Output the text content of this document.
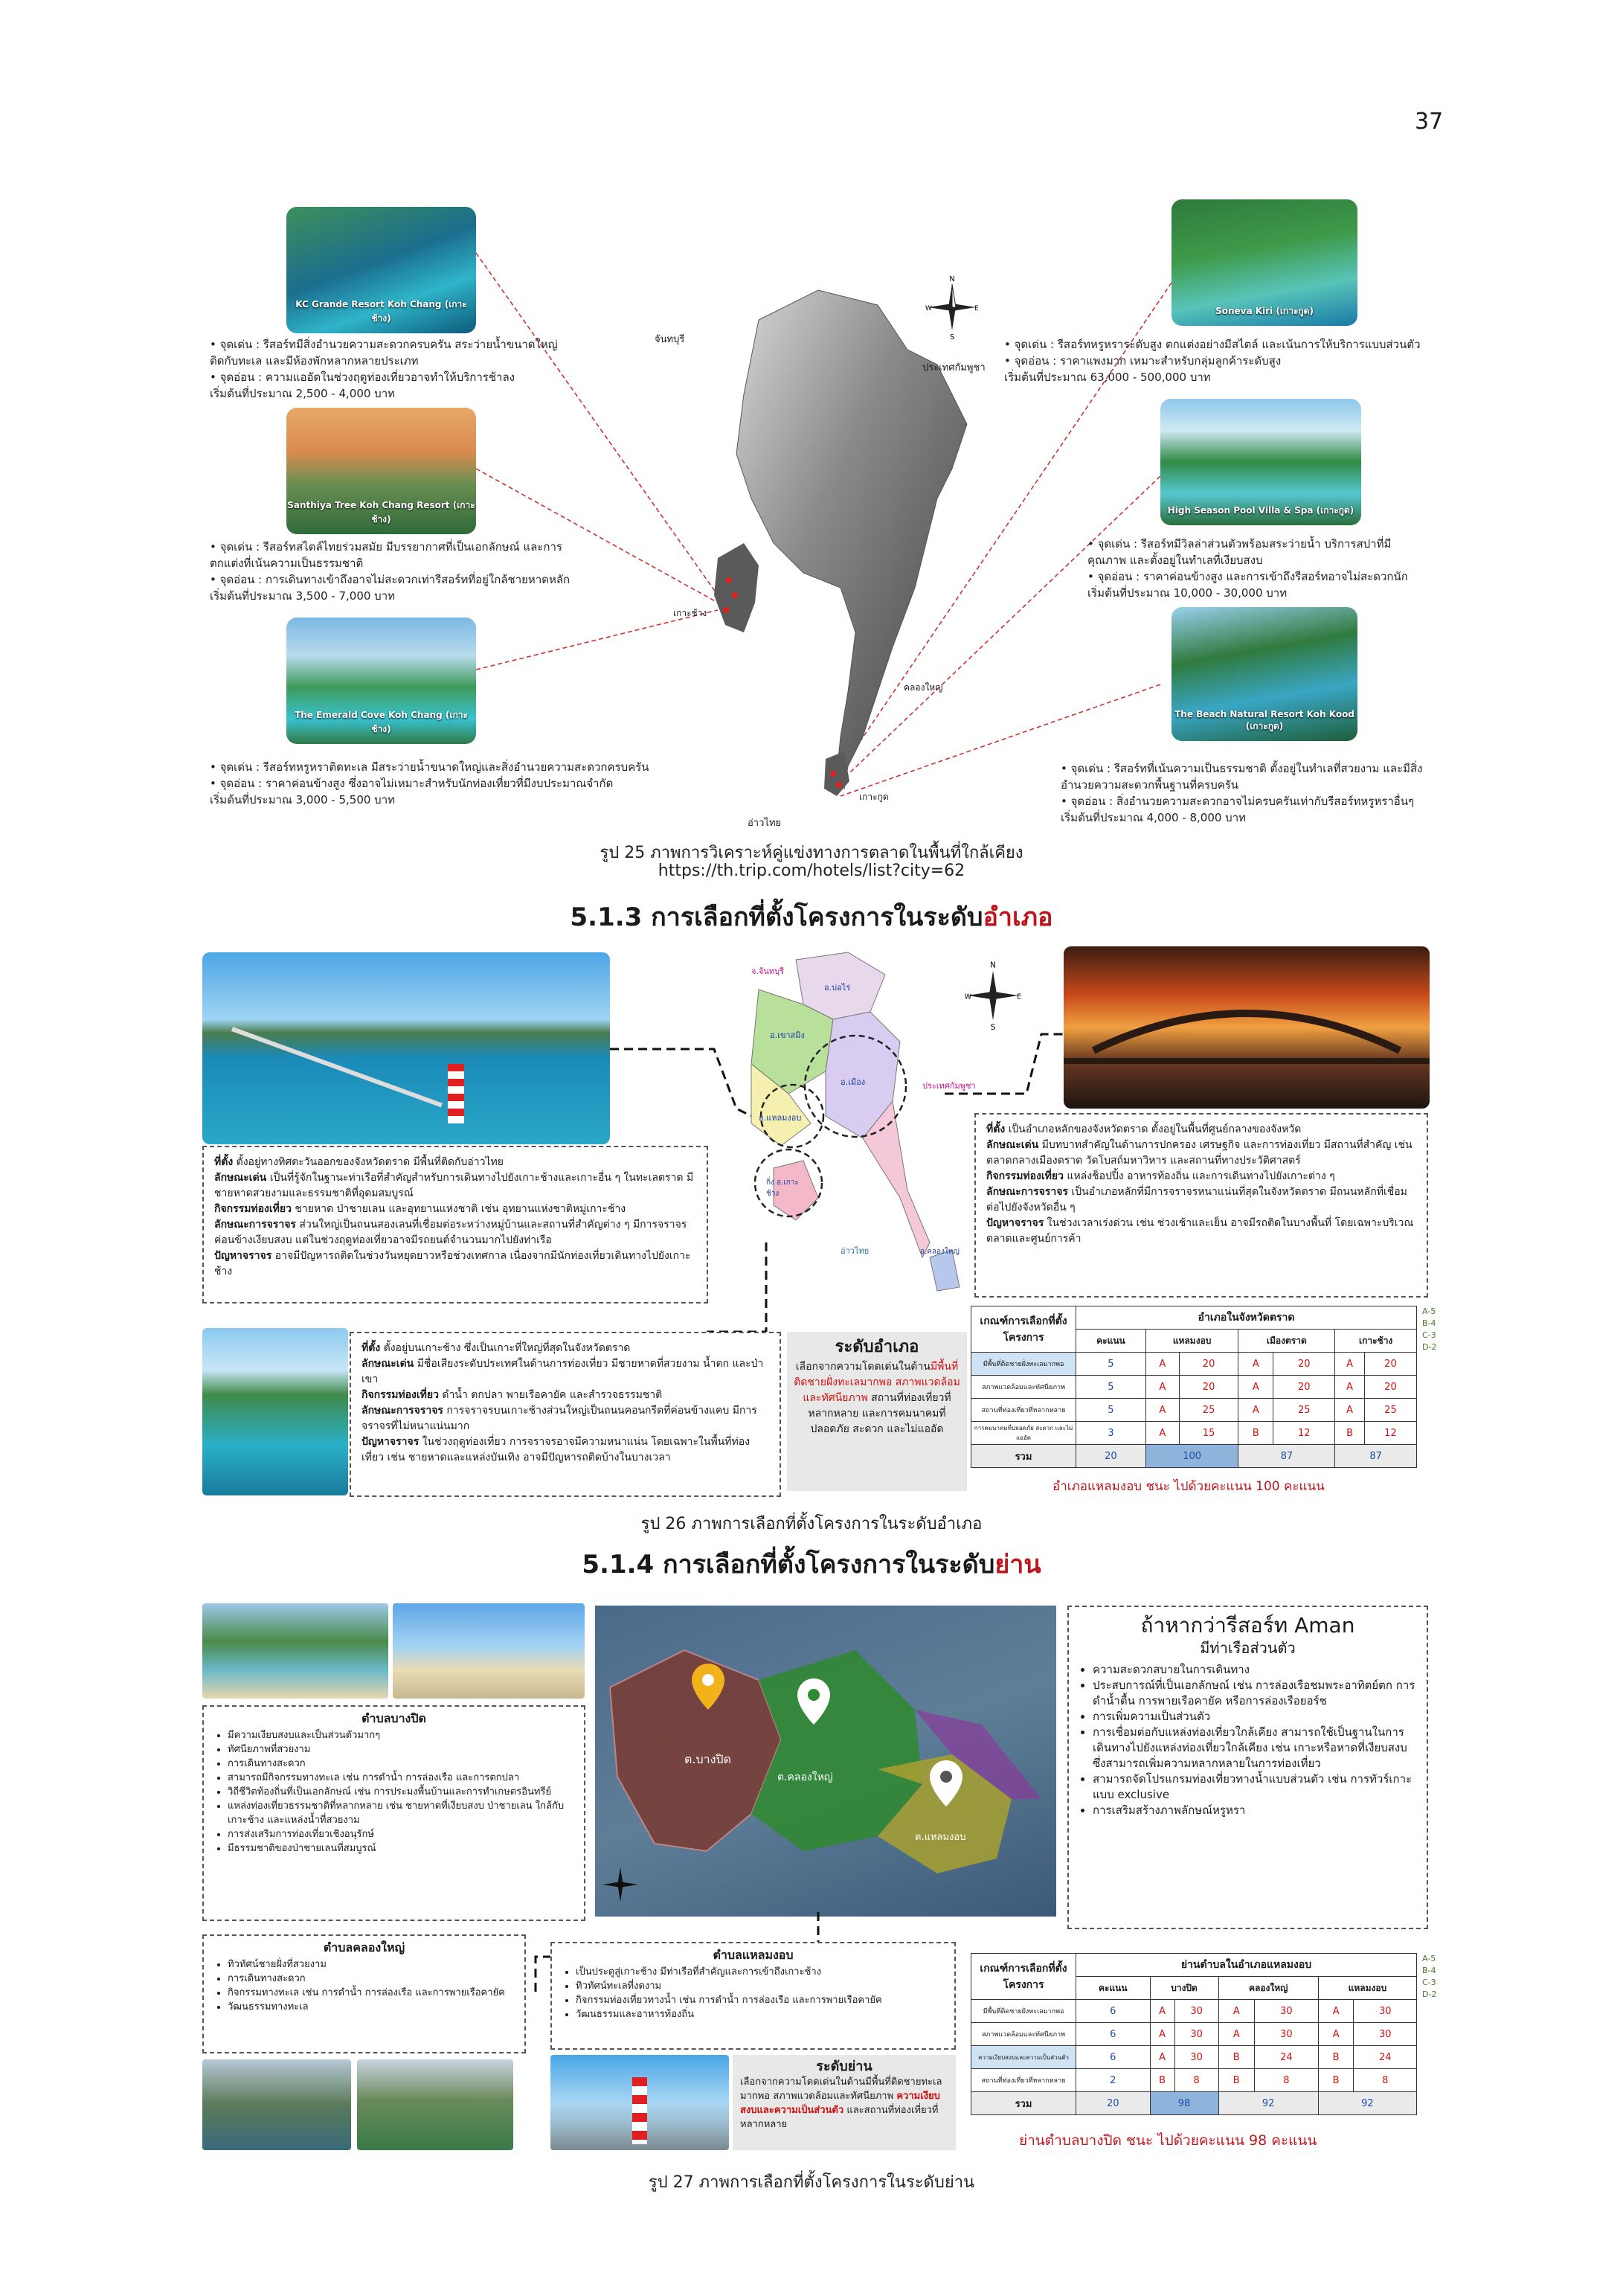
37
KC Grande Resort Koh Chang (เกาะช้าง)

• จุดเด่น : รีสอร์ทมีสิ่งอำนวยความสะดวกครบครัน สระว่ายน้ำขนาดใหญ่

ติดกับทะเล และมีห้องพักหลากหลายประเภท

• จุดอ่อน : ความแออัดในช่วงฤดูท่องเที่ยวอาจทำให้บริการช้าลง

เริ่มต้นที่ประมาณ 2,500 - 4,000 บาท

Santhiya Tree Koh Chang Resort (เกาะช้าง)

• จุดเด่น : รีสอร์ทสไตล์ไทยร่วมสมัย มีบรรยากาศที่เป็นเอกลักษณ์ และการ

ตกแต่งที่เน้นความเป็นธรรมชาติ

• จุดอ่อน : การเดินทางเข้าถึงอาจไม่สะดวกเท่ารีสอร์ทที่อยู่ใกล้ชายหาดหลัก

เริ่มต้นที่ประมาณ 3,500 - 7,000 บาท

The Emerald Cove Koh Chang (เกาะช้าง)

• จุดเด่น : รีสอร์ทหรูหราติดทะเล มีสระว่ายน้ำขนาดใหญ่และสิ่งอำนวยความสะดวกครบครัน

• จุดอ่อน : ราคาค่อนข้างสูง ซึ่งอาจไม่เหมาะสำหรับนักท่องเที่ยวที่มีงบประมาณจำกัด

เริ่มต้นที่ประมาณ 3,000 - 5,500 บาท

จันทบุรี
ประเทศกัมพูชา
เกาะช้าง
คลองใหญ่
เกาะกูด
อ่าวไทย
N
W	E
S
Soneva Kiri (เกาะกูด)

• จุดเด่น : รีสอร์ทหรูหราระดับสูง ตกแต่งอย่างมีสไตล์ และเน้นการให้บริการแบบส่วนตัว

• จุดอ่อน : ราคาแพงมาก เหมาะสำหรับกลุ่มลูกค้าระดับสูง

เริ่มต้นที่ประมาณ 63,000 - 500,000 บาท

High Season Pool Villa & Spa (เกาะกูด)

• จุดเด่น : รีสอร์ทมีวิลล่าส่วนตัวพร้อมสระว่ายน้ำ บริการสปาที่มี

คุณภาพ และตั้งอยู่ในทำเลที่เงียบสงบ

• จุดอ่อน : ราคาค่อนข้างสูง และการเข้าถึงรีสอร์ทอาจไม่สะดวกนัก

เริ่มต้นที่ประมาณ 10,000 - 30,000 บาท

The Beach Natural Resort Koh Kood (เกาะกูด)

• จุดเด่น : รีสอร์ทที่เน้นความเป็นธรรมชาติ ตั้งอยู่ในทำเลที่สวยงาม และมีสิ่ง

อำนวยความสะดวกพื้นฐานที่ครบครัน

• จุดอ่อน : สิ่งอำนวยความสะดวกอาจไม่ครบครันเท่ากับรีสอร์ทหรูหราอื่นๆ

เริ่มต้นที่ประมาณ 4,000 - 8,000 บาท

รูป 25 ภาพการวิเคราะห์คู่แข่งทางการตลาดในพื้นที่ใกล้เคียง
https://th.trip.com/hotels/list?city=62
5.1.3 การเลือกที่ตั้งโครงการในระดับอำเภอ
จ.จันทบุรี
อ.บ่อไร่
อ.เขาสมิง
อ.เมือง
อ.แหลมงอบ
กิ่ง อ.เกาะช้าง
อ.คลองใหญ่
อ่าวไทย
ประเทศกัมพูชา
N
W	E
S

ที่ตั้ง ตั้งอยู่ทางทิศตะวันออกของจังหวัดตราด มีพื้นที่ติดกับอ่าวไทย

ลักษณะเด่น เป็นที่รู้จักในฐานะท่าเรือที่สำคัญสำหรับการเดินทางไปยังเกาะช้างและเกาะอื่น ๆ ในทะเลตราด มีชายหาดสวยงามและธรรมชาติที่อุดมสมบูรณ์

กิจกรรมท่องเที่ยว ชายหาด ป่าชายเลน และอุทยานแห่งชาติ เช่น อุทยานแห่งชาติหมู่เกาะช้าง

ลักษณะการจราจร ส่วนใหญ่เป็นถนนสองเลนที่เชื่อมต่อระหว่างหมู่บ้านและสถานที่สำคัญต่าง ๆ มีการจราจรค่อนข้างเงียบสงบ แต่ในช่วงฤดูท่องเที่ยวอาจมีรถยนต์จำนวนมากไปยังท่าเรือ

ปัญหาจราจร อาจมีปัญหารถติดในช่วงวันหยุดยาวหรือช่วงเทศกาล เนื่องจากมีนักท่องเที่ยวเดินทางไปยังเกาะช้าง

ที่ตั้ง เป็นอำเภอหลักของจังหวัดตราด ตั้งอยู่ในพื้นที่ศูนย์กลางของจังหวัด

ลักษณะเด่น มีบทบาทสำคัญในด้านการปกครอง เศรษฐกิจ และการท่องเที่ยว มีสถานที่สำคัญ เช่น ตลาดกลางเมืองตราด วัดโบสถ์มหาวิหาร และสถานที่ทางประวัติศาสตร์

กิจกรรมท่องเที่ยว แหล่งช็อปปิ้ง อาหารท้องถิ่น และการเดินทางไปยังเกาะต่าง ๆ

ลักษณะการจราจร เป็นอำเภอหลักที่มีการจราจรหนาแน่นที่สุดในจังหวัดตราด มีถนนหลักที่เชื่อมต่อไปยังจังหวัดอื่น ๆ

ปัญหาจราจร ในช่วงเวลาเร่งด่วน เช่น ช่วงเช้าและเย็น อาจมีรถติดในบางพื้นที่ โดยเฉพาะบริเวณตลาดและศูนย์การค้า

ที่ตั้ง ตั้งอยู่บนเกาะช้าง ซึ่งเป็นเกาะที่ใหญ่ที่สุดในจังหวัดตราด

ลักษณะเด่น มีชื่อเสียงระดับประเทศในด้านการท่องเที่ยว มีชายหาดที่สวยงาม น้ำตก และป่าเขา

กิจกรรมท่องเที่ยว ดำน้ำ ตกปลา พายเรือคายัค และสำรวจธรรมชาติ

ลักษณะการจราจร การจราจรบนเกาะช้างส่วนใหญ่เป็นถนนคอนกรีตที่ค่อนข้างแคบ มีการจราจรที่ไม่หนาแน่นมาก

ปัญหาจราจร ในช่วงฤดูท่องเที่ยว การจราจรอาจมีความหนาแน่น โดยเฉพาะในพื้นที่ท่องเที่ยว เช่น ชายหาดและแหล่งบันเทิง อาจมีปัญหารถติดบ้างในบางเวลา

ระดับอำเภอ
เลือกจากความโดดเด่นในด้านมีพื้นที่ติดชายฝั่งทะเลมากพอ สภาพแวดล้อมและทัศนียภาพ สถานที่ท่องเที่ยวที่หลากหลาย และการคมนาคมที่ปลอดภัย สะดวก และไม่แออัด
เกณฑ์การเลือกที่ตั้งโครงการ	อำเภอในจังหวัดตราด						
	คะแนน	แหลมงอบ		เมืองตราด		เกาะช้าง	
มีพื้นที่ติดชายฝั่งทะเลมากพอ	5	A	20	A	20	A	20
สภาพแวดล้อมและทัศนียภาพ	5	A	20	A	20	A	20
สถานที่ท่องเที่ยวที่หลากหลาย	5	A	25	A	25	A	25
การคมนาคมที่ปลอดภัย สะดวก และไม่แออัด	3	A	15	B	12	B	12
รวม	20	100		87		87	
A-5
B-4
C-3
D-2
อำเภอแหลมงอบ ชนะ ไปด้วยคะแนน 100 คะแนน
รูป 26 ภาพการเลือกที่ตั้งโครงการในระดับอำเภอ
5.1.4 การเลือกที่ตั้งโครงการในระดับย่าน
ตำบลบางปิด
• มีความเงียบสงบและเป็นส่วนตัวมากๆ
• ทัศนียภาพที่สวยงาม
• การเดินทางสะดวก
• สามารถมีกิจกรรมทางทะเล เช่น การดำน้ำ การล่องเรือ และการตกปลา
• วิถีชีวิตท้องถิ่นที่เป็นเอกลักษณ์ เช่น การประมงพื้นบ้านและการทำเกษตรอินทรีย์
• แหล่งท่องเที่ยวธรรมชาติที่หลากหลาย เช่น ชายหาดที่เงียบสงบ ป่าชายเลน ใกล้กับเกาะช้าง และแหล่งน้ำที่สวยงาม
• การส่งเสริมการท่องเที่ยวเชิงอนุรักษ์
• มีธรรมชาติของป่าชายเลนที่สมบูรณ์
ต.บางปิด
ต.คลองใหญ่
ต.แหลมงอบ
ถ้าหากว่ารีสอร์ท Aman
มีท่าเรือส่วนตัว
• ความสะดวกสบายในการเดินทาง
• ประสบการณ์ที่เป็นเอกลักษณ์ เช่น การล่องเรือชมพระอาทิตย์ตก การดำน้ำตื้น การพายเรือคายัค หรือการล่องเรือยอร์ช
• การเพิ่มความเป็นส่วนตัว
• การเชื่อมต่อกับแหล่งท่องเที่ยวใกล้เคียง สามารถใช้เป็นฐานในการเดินทางไปยังแหล่งท่องเที่ยวใกล้เคียง เช่น เกาะหรือหาดที่เงียบสงบ ซึ่งสามารถเพิ่มความหลากหลายในการท่องเที่ยว
• สามารถจัดโปรแกรมท่องเที่ยวทางน้ำแบบส่วนตัว เช่น การทัวร์เกาะแบบ exclusive
• การเสริมสร้างภาพลักษณ์หรูหรา
ตำบลคลองใหญ่
• ทิวทัศน์ชายฝั่งที่สวยงาม
• การเดินทางสะดวก
• กิจกรรมทางทะเล เช่น การดำน้ำ การล่องเรือ และการพายเรือคายัค
• วัฒนธรรมทางทะเล
ตำบลแหลมงอบ
• เป็นประตูสู่เกาะช้าง มีท่าเรือที่สำคัญและการเข้าถึงเกาะช้าง
• ทิวทัศน์ทะเลที่งดงาม
• กิจกรรมท่องเที่ยวทางน้ำ เช่น การดำน้ำ การล่องเรือ และการพายเรือคายัค
• วัฒนธรรมและอาหารท้องถิ่น
ระดับย่าน
เลือกจากความโดดเด่นในด้านมีพื้นที่ติดชายทะเลมากพอ สภาพแวดล้อมและทัศนียภาพ ความเงียบสงบและความเป็นส่วนตัว และสถานที่ท่องเที่ยวที่หลากหลาย
เกณฑ์การเลือกที่ตั้งโครงการ	ย่านตำบลในอำเภอแหลมงอบ						
	คะแนน	บางปิด		คลองใหญ่		แหลมงอบ	
มีพื้นที่ติดชายฝั่งทะเลมากพอ	6	A	30	A	30	A	30
สภาพแวดล้อมและทัศนียภาพ	6	A	30	A	30	A	30
ความเงียบสงบและความเป็นส่วนตัว	6	A	30	B	24	B	24
สถานที่ท่องเที่ยวที่หลากหลาย	2	B	8	B	8	B	8
รวม	20	98		92		92	
A-5
B-4
C-3
D-2
ย่านตำบลบางปิด ชนะ ไปด้วยคะแนน 98 คะแนน
รูป 27 ภาพการเลือกที่ตั้งโครงการในระดับย่าน
